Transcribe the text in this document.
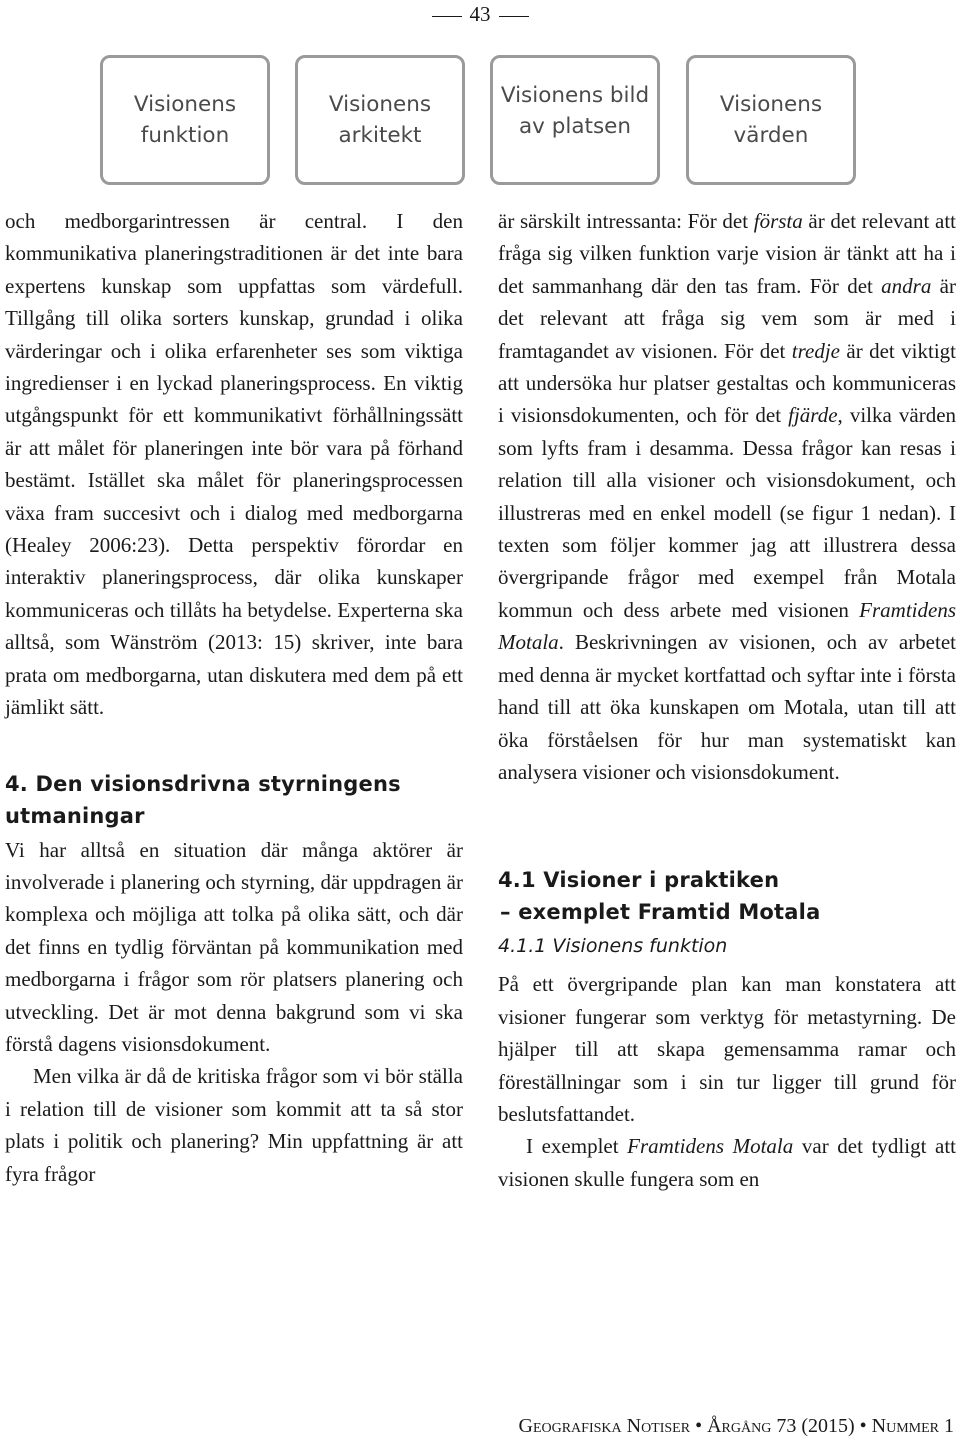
43
Visionens
funktion
Visionens
arkitekt
Visionens bild
av platsen
Visionens
värden

och medborgarintressen är central. I den kommunikativa planeringstraditionen är det inte bara expertens kunskap som uppfattas som värdefull. Tillgång till olika sorters kunskap, grundad i olika värderingar och i olika erfarenheter ses som viktiga ingredienser i en lyckad planeringsprocess. En viktig utgångspunkt för ett kommunikativt förhållningssätt är att målet för planeringen inte bör vara på förhand bestämt. Istället ska målet för planeringsprocessen växa fram succesivt och i dialog med medborgarna (Healey 2006:23). Detta perspektiv förordar en interaktiv planeringsprocess, där olika kunskaper kommuniceras och tillåts ha betydelse. Experterna ska alltså, som Wänström (2013: 15) skriver, inte bara prata om medborgarna, utan diskutera med dem på ett jämlikt sätt.

4. Den visionsdrivna styrningens utmaningar

Vi har alltså en situation där många aktörer är involverade i planering och styrning, där uppdragen är komplexa och möjliga att tolka på olika sätt, och där det finns en tydlig förväntan på kommunikation med medborgarna i frågor som rör platsers planering och utveckling. Det är mot denna bakgrund som vi ska förstå dagens visionsdokument.

Men vilka är då de kritiska frågor som vi bör ställa i relation till de visioner som kommit att ta så stor plats i politik och planering? Min uppfattning är att fyra frågor

är särskilt intressanta: För det första är det relevant att fråga sig vilken funktion varje vision är tänkt att ha i det sammanhang där den tas fram. För det andra är det relevant att fråga sig vem som är med i framtagandet av visionen. För det tredje är det viktigt att undersöka hur platser gestaltas och kommuniceras i visionsdokumenten, och för det fjärde, vilka värden som lyfts fram i desamma. Dessa frågor kan resas i relation till alla visioner och visionsdokument, och illustreras med en enkel modell (se figur 1 nedan). I texten som följer kommer jag att illustrera dessa övergripande frågor med exempel från Motala kommun och dess arbete med visionen Framtidens Motala. Beskrivningen av visionen, och av arbetet med denna är mycket kortfattad och syftar inte i första hand till att öka kunskapen om Motala, utan till att öka förståelsen för hur man systematiskt kan analysera visioner och visionsdokument.

4.1 Visioner i praktiken
– exemplet Framtid Motala
4.1.1 Visionens funktion

På ett övergripande plan kan man konstatera att visioner fungerar som verktyg för metastyrning. De hjälper till att skapa gemensamma ramar och föreställningar som i sin tur ligger till grund för beslutsfattandet.

I exemplet Framtidens Motala var det tydligt att visionen skulle fungera som en

Geografiska Notiser • Årgång 73 (2015) • Nummer 1
